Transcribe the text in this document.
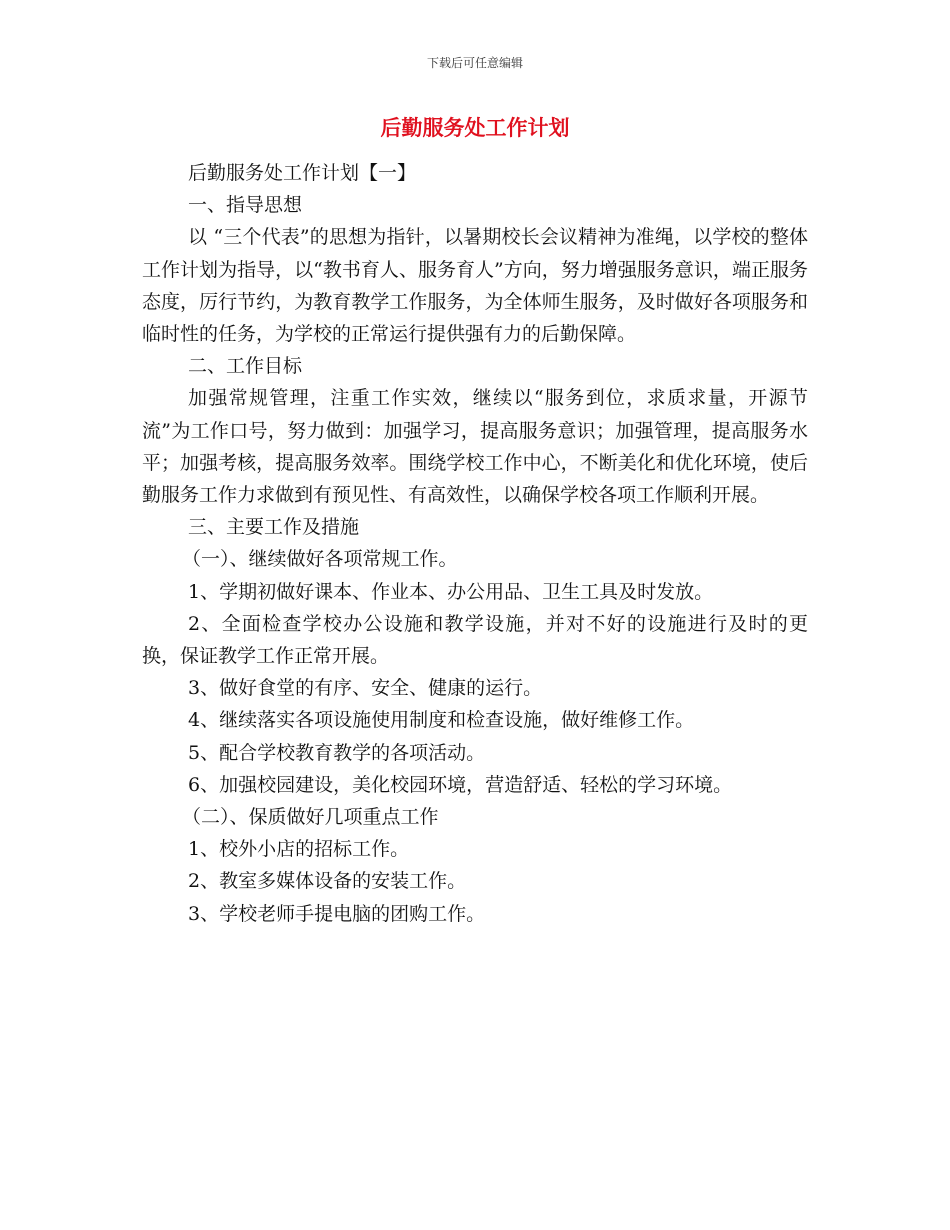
下载后可任意编辑
后勤服务处工作计划

后勤服务处工作计划【一】

一、指导思想

以 “三个代表”的思想为指针，以暑期校长会议精神为准绳，以学校的整体工作计划为指导，以“教书育人、服务育人”方向，努力增强服务意识，端正服务态度，厉行节约，为教育教学工作服务，为全体师生服务，及时做好各项服务和临时性的任务，为学校的正常运行提供强有力的后勤保障。

二、工作目标

加强常规管理，注重工作实效，继续以“服务到位，求质求量，开源节流”为工作口号，努力做到：加强学习，提高服务意识；加强管理，提高服务水平；加强考核，提高服务效率。围绕学校工作中心，不断美化和优化环境，使后勤服务工作力求做到有预见性、有高效性，以确保学校各项工作顺利开展。

三、主要工作及措施

（一）、继续做好各项常规工作。

1、学期初做好课本、作业本、办公用品、卫生工具及时发放。

2、全面检查学校办公设施和教学设施，并对不好的设施进行及时的更换，保证教学工作正常开展。

3、做好食堂的有序、安全、健康的运行。

4、继续落实各项设施使用制度和检查设施，做好维修工作。

5、配合学校教育教学的各项活动。

6、加强校园建设，美化校园环境，营造舒适、轻松的学习环境。

（二）、保质做好几项重点工作

1、校外小店的招标工作。

2、教室多媒体设备的安装工作。

3、学校老师手提电脑的团购工作。
